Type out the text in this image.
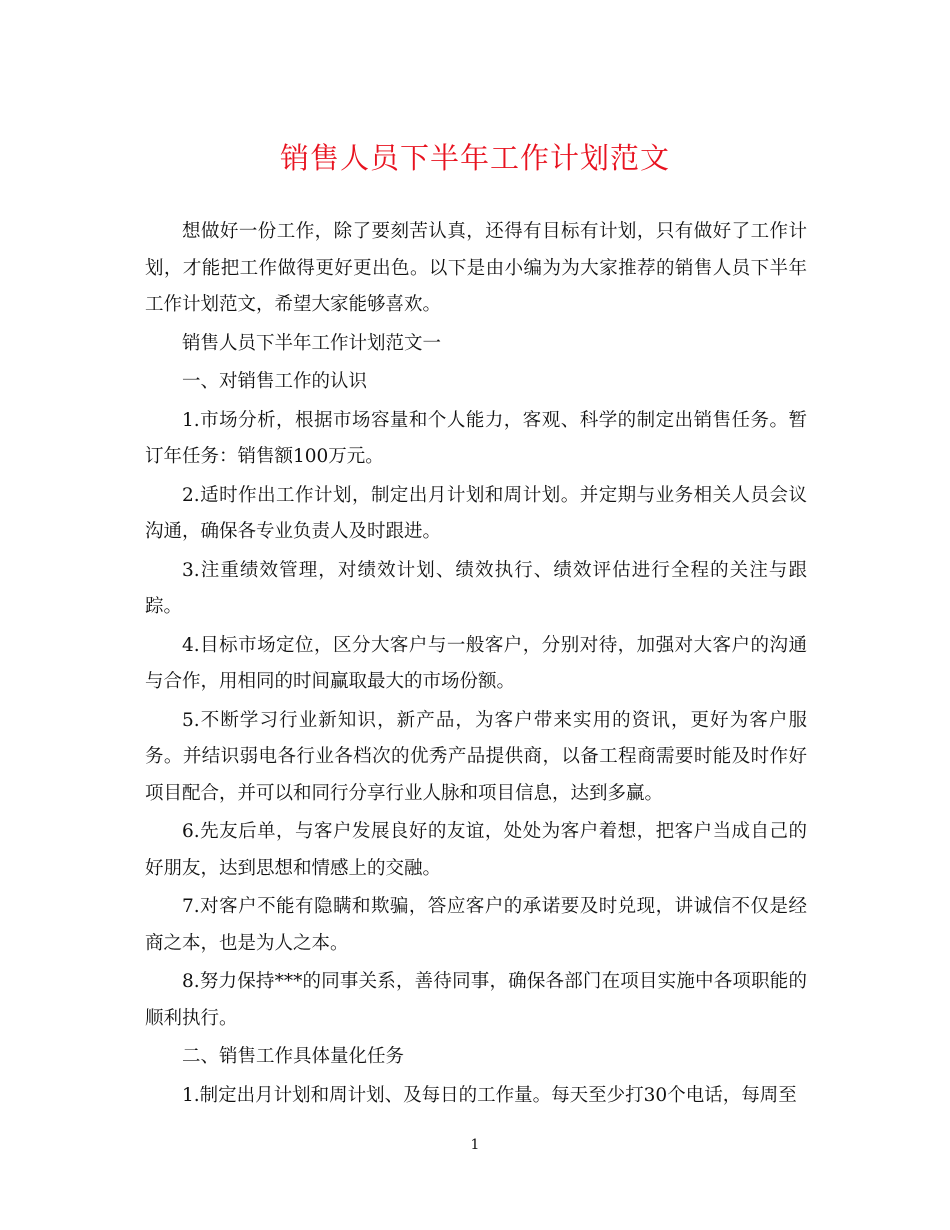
销售人员下半年工作计划范文

想做好一份工作，除了要刻苦认真，还得有目标有计划，只有做好了工作计划，才能把工作做得更好更出色。以下是由小编为为大家推荐的销售人员下半年工作计划范文，希望大家能够喜欢。

销售人员下半年工作计划范文一

一、对销售工作的认识

1.市场分析，根据市场容量和个人能力，客观、科学的制定出销售任务。暂订年任务：销售额100万元。

2.适时作出工作计划，制定出月计划和周计划。并定期与业务相关人员会议沟通，确保各专业负责人及时跟进。

3.注重绩效管理，对绩效计划、绩效执行、绩效评估进行全程的关注与跟踪。

4.目标市场定位，区分大客户与一般客户，分别对待，加强对大客户的沟通与合作，用相同的时间赢取最大的市场份额。

5.不断学习行业新知识，新产品，为客户带来实用的资讯，更好为客户服务。并结识弱电各行业各档次的优秀产品提供商，以备工程商需要时能及时作好项目配合，并可以和同行分享行业人脉和项目信息，达到多赢。

6.先友后单，与客户发展良好的友谊，处处为客户着想，把客户当成自己的好朋友，达到思想和情感上的交融。

7.对客户不能有隐瞒和欺骗，答应客户的承诺要及时兑现，讲诚信不仅是经商之本，也是为人之本。

8.努力保持***的同事关系，善待同事，确保各部门在项目实施中各项职能的顺利执行。

二、销售工作具体量化任务

1.制定出月计划和周计划、及每日的工作量。每天至少打30个电话，每周至

1
